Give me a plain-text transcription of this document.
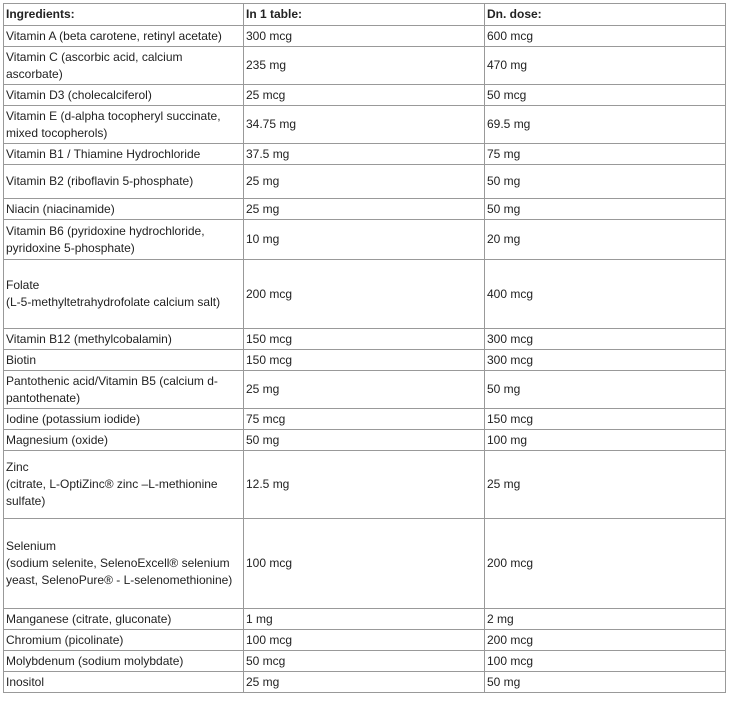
Ingredients:	In 1 table:	Dn. dose:
Vitamin A (beta carotene, retinyl acetate)	300 mcg	600 mcg
Vitamin C (ascorbic acid, calcium ascorbate)	235 mg	470 mg
Vitamin D3 (cholecalciferol)	25 mcg	50 mcg
Vitamin E (d-alpha tocopheryl succinate, mixed tocopherols)	34.75 mg	69.5 mg
Vitamin B1 / Thiamine Hydrochloride	37.5 mg	75 mg
Vitamin B2 (riboflavin 5-phosphate)	25 mg	50 mg
Niacin (niacinamide)	25 mg	50 mg
Vitamin B6 (pyridoxine hydrochloride, pyridoxine 5-phosphate)	10 mg	20 mg
Folate
(L-5-methyltetrahydrofolate calcium salt)	200 mcg	400 mcg
Vitamin B12 (methylcobalamin)	150 mcg	300 mcg
Biotin	150 mcg	300 mcg
Pantothenic acid/Vitamin B5 (calcium d-pantothenate)	25 mg	50 mg
Iodine (potassium iodide)	75 mcg	150 mcg
Magnesium (oxide)	50 mg	100 mg
Zinc
(citrate, L-OptiZinc® zinc –L-methionine sulfate)	12.5 mg	25 mg
Selenium
(sodium selenite, SelenoExcell® selenium yeast, SelenoPure® - L-selenomethionine)	100 mcg	200 mcg
Manganese (citrate, gluconate)	1 mg	2 mg
Chromium (picolinate)	100 mcg	200 mcg
Molybdenum (sodium molybdate)	50 mcg	100 mcg
Inositol	25 mg	50 mg
